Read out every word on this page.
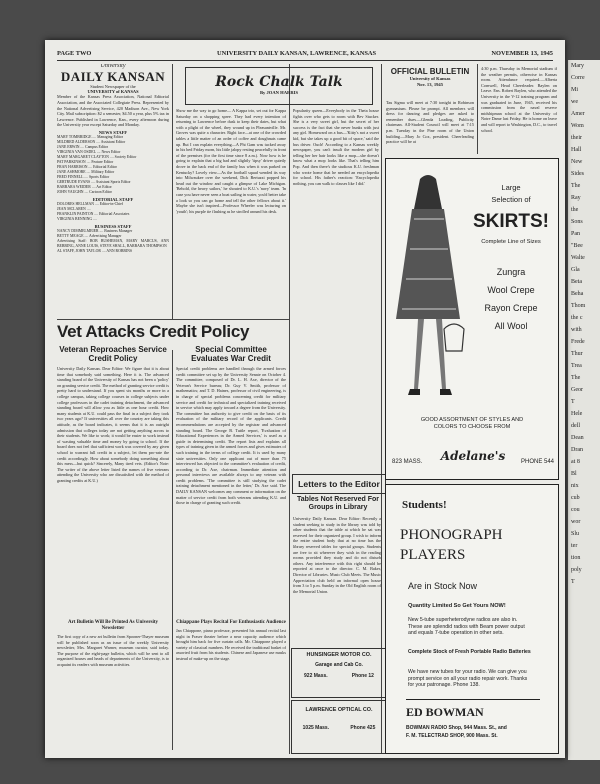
Mary
Corre
Mi
we
Amer
Wom
their
Hall
New
Sides
The
Ray
the
Sons
Pan
"Bee
Walte
Gla
Beta
Beha
Thom
the c
with
Frede
Thur
Trea
The
Geor
T
Hele
dell
Dean
Dran
at 8
Bl
nix
cub
cou
wor
Slu
ter
tion
poly
T
PAGE TWO	UNIVERSITY DAILY KANSAN, LAWRENCE, KANSAS	NOVEMBER 13, 1945
University
DAILY KANSAN
Student Newspaper of the
UNIVERSITY of KANSAS

Member of the Kansas Press Association, National Editorial Association, and the Associated Collegiate Press. Represented by the National Advertising Service, 420 Madison Ave., New York City. Mail subscription: $2 a semester, $4.50 a year, plus 5% tax in Lawrence. Published in Lawrence, Kan., every afternoon during the University year except Saturday and Monday.

NEWS STAFF
MARY TOMBRIDGE .... Managing Editor
MILDRED ALDERSON .... Assistant Editor
JANE ERWIN .... Campus Editor
VIRGINIA VAN OSDEL .... News Editor
MARY MARGARET CLAYTON .... Society Editor
PAT PARKINSON .... Feature Editor
FRAN HARRISON .... Editorial Editor
JANE ASHMORE .... Military Editor
FRED FINNELL .... Sports Editor
GERTRUDE EVANS .... Assistant Sports Editor
BARBARA WEIDER .... Art Editor
JOHN VAUGHN .... Cartoon Editor
EDITORIAL STAFF
DOLORES HELLMAN .... Editor-in-Chief
JEAN MCLAREN ....
FRANKLIN PAINTON .... Editorial Associates
VIRGINIA BENNING ....
BUSINESS STAFF
NANCY DIMMELMEIER .... Business Manager
BETTY MEAGE .... Advertising Manager
Advertising Staff: BOB BUSHEMAN, MARY MARCUS, ANN BEBBING, ANNE LOUIS, STEVE SHALL, BARBARA THOMPSON
AL STAFF, JOHN TAYLOR .... ANN ROBBINS
Rock Chalk Talk
By JOAN HARRIS

Show me the way to go home— A Kappa trio, set out for Kappa Saturday on a shopping spree. They had every intention of returning to Lawrence before dusk to keep their dates, but what with a plight of the wheel, they wound up in Pleasantville. Mr. Groves was quite a character. Right face—at one of the crowded tables a little matter of an order of coffee and doughnuts came up. But I can explain everything—A Phi Gam was tucked away in his bed Friday morn, his little jalopy resting peacefully in front of the premises (for the first time since 8 a.m.). Now how is he going to explain that a big bad and slightly 'tipsy' driver quietly drove in the back end of the family bus when it was parked on Kentucky? Lovely view—As the football squad wended its way into Milwaukee over the weekend, Dick Bertuzzi popped his head out the window and caught a glimpse of Lake Michigan. 'Behold, the heavy sailors,' he shouted to K.U.'s 'navy' team. 'In case you have never seen a boat sailing in water, you'd better take a look so you can go home and tell the other fellows about it.' Maybe she isn't inspired—Professor Wheeler was lecturing on 'youth'; his purple tie flashing as he strolled around his desk.

Popularity queen—Everybody in the Theta house fights over who gets to room with Bev Stucker. She is a very sweet girl, but the secret of her success is the fact that she never bunks with just any girl. Homeward on a bus—'Kitty's not a sweet kid, but she takes up a good bit of space,' said the bus driver. Ouch! According to a Kansas weekly newspaper, you can't insult the modern girl by telling her her hair looks like a mop—she doesn't know what a mop looks like. That's telling him Pop. And then there's the studious K.U. freshman who wrote home that he needed an encyclopedia for school. His father's reaction: 'Encyclopedia nothing, you can walk to classes like I did.'

Vet Attacks Credit Policy
Veteran Reproaches Service Credit Policy

University Daily Kansan. Dear Editor: We figure that it is about time that somebody said something. Here it is. The advanced standing board of the University of Kansas has not been a 'policy' on granting service credit. The method of granting service credit is pretty hard to understand. If you spent six months or more in a college campus, taking college courses in college subjects under college professors in the cadet training detachment, the advanced standing board will allow you as little as one hour credit. How many students at K.U. could pass the final in a subject they took two years ago? If universities all over the country are taking this attitude, as the board indicates, it seems that it is an outright admission that colleges today are not getting anything across to their students. We like to work; it would be easier to work instead of wasting valuable time and money by going to school. If the board does not feel that sufficient work was covered by any given school to warrant full credit in a subject, let them pro-rate the credit accordingly. How about somebody doing something about this mess—but quick? Sincerely, Many tired vets. (Editor's Note: The writer of the above letter listed the names of five veterans attending the University who are dissatisfied with the method of granting credits at K.U.)

Art Bulletin Will Be Printed As University Newsletter

The first copy of a new art bulletin from Spooner-Thayer museum will be published soon as an issue of the weekly University newsletter, Mrs. Margaret Warner, museum curator, said today. The purpose of the eight-page bulletin, which will be sent to all organized houses and heads of departments of the University, is to acquaint its readers with museum activities.

Special Committee Evaluates War Credit

Special credit problems are handled through the armed forces credit committee set up by the University Senate on October 4. The committee, composed of Dr. L. H. Axe, director of the Veteran's Service bureau; Dr. Guy V. Smith, professor of mathematics; and T. D. Haines, professor of civil engineering, is in charge of special problems concerning credit for military service and credit for technical and specialized training received in service which may apply toward a degree from the University. The committee has authority to give credit on the basis of its evaluation of the military record of the applicants. Credit recommendations are accepted by the registrar and advanced standing board. The George B. Tuttle report, 'Evaluation of Educational Experiences in the Armed Services,' is used as a guide in determining credit. The report lists and explains all types of training given in the armed forces and gives estimates of such training in the terms of college credit. It is used by many state universities. Only one applicant out of more than 75 interviewed has objected to the committee's evaluation of credit, according to Dr. Axe, chairman. Immediate attention and personal interviews are available always to any veteran with credit problems. 'The committee is still studying the cadet training detachment mentioned in the letter,' Dr. Axe said. The DAILY KANSAN welcomes any comment or information on the matter of service credit from both veterans attending K.U. and those in charge of granting such credit.

Chiappane Plays Recital For Enthusiastic Audience

Jan Chiappone, piano professor, presented his annual recital last night in Fraser theater before a near capacity audience which brought him back for five curtain calls. Mr. Chiappone played a variety of classical numbers. He received the traditional basket of assorted fruit from his students. Chinese and Japanese use masks instead of make-up on the stage.

Letters to the Editor
Tables Not Reserved For Groups in Library

University Daily Kansan. Dear Editor: Recently a student seeking to study in the library was told by other students that the table at which he sat was reserved for their organized group. I wish to inform the entire student body that at no time has the library reserved tables for special groups. Students are free to sit wherever they wish in the reading rooms provided they study and do not disturb others. Any interference with this right should be reported at once to the director. C. M. Baker, Director of Libraries. Music Club Meets. The Music Appreciation club held an informal open house from 3 to 5 p.m. Sunday in the Old English room of the Memorial Union.

HUNSINGER MOTOR CO.
Garage and Cab Co.
922 Mass.	Phone 12
LAWRENCE OPTICAL CO.
1025 Mass.	Phone 425
OFFICIAL BULLETIN
University of Kansas
Nov. 13, 1945

Tau Sigma will meet at 7:30 tonight in Robinson gymnasium. Please be prompt. All members will dress for dancing and pledges are asked to remember dues.—Glenda Loading, Publicity chairman. All-Student Council will meet at 7:15 p.m. Tuesday in the Pine room of the Union building.—Mary Jo Cox, president. Cheerleading practice will be at

4:30 p.m. Thursday in Memorial stadium if the weather permits, otherwise in Kansas room. Attendance required.—Alberta Cornwell, Head Cheerleader. Baylen on Leave. Ens. Robert Baylen, who attended the University in the V-12 training program and was graduated in June, 1945, received his commission from the naval reserve midshipman school at the University of Notre Dame last Friday. He is home on leave and will report to Washington, D.C., to travel school.

Large
Selection of
SKIRTS!
Complete Line of Sizes
Zungra
Wool Crepe
Rayon Crepe
All Wool
GOOD ASSORTMENT OF STYLES AND COLORS TO CHOOSE FROM
823 MASS.	Adelane's	PHONE 544
Students!
PHONOGRAPH
PLAYERS
Are in Stock Now
Quantity Limited So Get Yours NOW!
New 5-tube superheterodyne radios are also in. These are splendid radios with Beam power output and equals 7-tube operation in other sets.
Complete Stock of Fresh Portable Radio Batteries
We have new tubes for your radio. We can give you prompt service on all your radio repair work. Thanks for your patronage. Phone 138.
ED BOWMAN
BOWMAN RADIO Shop, 944 Mass. St., and
F. M. TELECTRAD SHOP, 900 Mass. St.
